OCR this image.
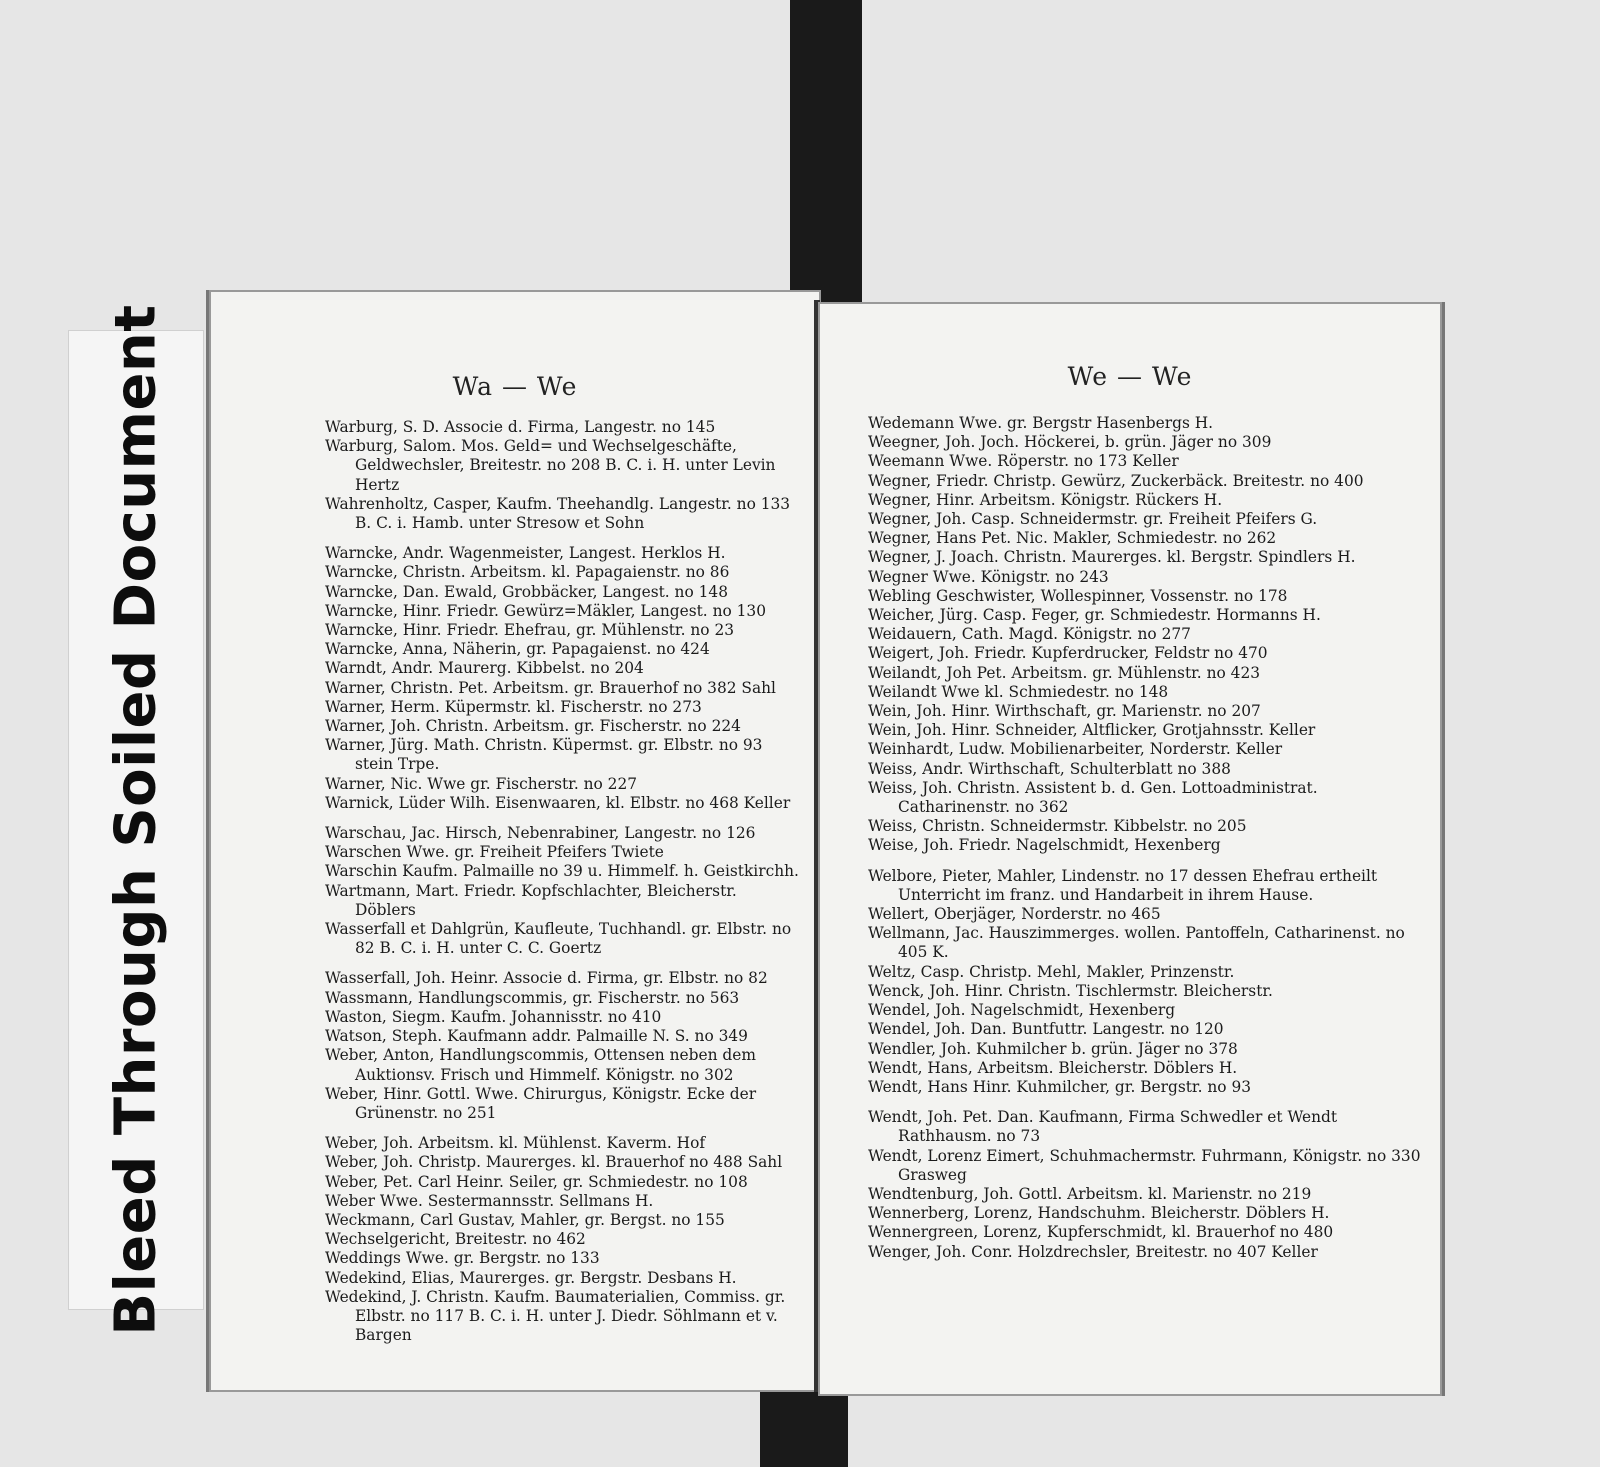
Bleed Through Soiled Document	Wa — We
Warburg, S. D. Associe d. Firma, Langestr. no 145
Warburg, Salom. Mos. Geld= und Wechselgeschäfte, Geldwechsler, Breitestr. no 208 B. C. i. H. unter Levin Hertz
Wahrenholtz, Casper, Kaufm. Theehandlg. Langestr. no 133 B. C. i. Hamb. unter Stresow et Sohn
Warncke, Andr. Wagenmeister, Langest. Herklos H.
Warncke, Christn. Arbeitsm. kl. Papagaienstr. no 86
Warncke, Dan. Ewald, Grobbäcker, Langest. no 148
Warncke, Hinr. Friedr. Gewürz=Mäkler, Langest. no 130
Warncke, Hinr. Friedr. Ehefrau, gr. Mühlenstr. no 23
Warncke, Anna, Näherin, gr. Papagaienst. no 424
Warndt, Andr. Maurerg. Kibbelst. no 204
Warner, Christn. Pet. Arbeitsm. gr. Brauerhof no 382 Sahl
Warner, Herm. Küpermstr. kl. Fischerstr. no 273
Warner, Joh. Christn. Arbeitsm. gr. Fischerstr. no 224
Warner, Jürg. Math. Christn. Küpermst. gr. Elbstr. no 93 stein Trpe.
Warner, Nic. Wwe gr. Fischerstr. no 227
Warnick, Lüder Wilh. Eisenwaaren, kl. Elbstr. no 468 Keller
Warschau, Jac. Hirsch, Nebenrabiner, Langestr. no 126
Warschen Wwe. gr. Freiheit Pfeifers Twiete
Warschin Kaufm. Palmaille no 39 u. Himmelf. h. Geistkirchh.
Wartmann, Mart. Friedr. Kopfschlachter, Bleicherstr. Döblers
Wasserfall et Dahlgrün, Kaufleute, Tuchhandl. gr. Elbstr. no 82 B. C. i. H. unter C. C. Goertz
Wasserfall, Joh. Heinr. Associe d. Firma, gr. Elbstr. no 82
Wassmann, Handlungscommis, gr. Fischerstr. no 563
Waston, Siegm. Kaufm. Johannisstr. no 410
Watson, Steph. Kaufmann addr. Palmaille N. S. no 349
Weber, Anton, Handlungscommis, Ottensen neben dem Auktionsv. Frisch und Himmelf. Königstr. no 302
Weber, Hinr. Gottl. Wwe. Chirurgus, Königstr. Ecke der Grünenstr. no 251
Weber, Joh. Arbeitsm. kl. Mühlenst. Kaverm. Hof
Weber, Joh. Christp. Maurerges. kl. Brauerhof no 488 Sahl
Weber, Pet. Carl Heinr. Seiler, gr. Schmiedestr. no 108
Weber Wwe. Sestermannsstr. Sellmans H.
Weckmann, Carl Gustav, Mahler, gr. Bergst. no 155
Wechselgericht, Breitestr. no 462
Weddings Wwe. gr. Bergstr. no 133
Wedekind, Elias, Maurerges. gr. Bergstr. Desbans H.
Wedekind, J. Christn. Kaufm. Baumaterialien, Commiss. gr. Elbstr. no 117 B. C. i. H. unter J. Diedr. Söhlmann et v. Bargen
We — We
Wedemann Wwe. gr. Bergstr Hasenbergs H.
Weegner, Joh. Joch. Höckerei, b. grün. Jäger no 309
Weemann Wwe. Röperstr. no 173 Keller
Wegner, Friedr. Christp. Gewürz, Zuckerbäck. Breitestr. no 400
Wegner, Hinr. Arbeitsm. Königstr. Rückers H.
Wegner, Joh. Casp. Schneidermstr. gr. Freiheit Pfeifers G.
Wegner, Hans Pet. Nic. Makler, Schmiedestr. no 262
Wegner, J. Joach. Christn. Maurerges. kl. Bergstr. Spindlers H.
Wegner Wwe. Königstr. no 243
Webling Geschwister, Wollespinner, Vossenstr. no 178
Weicher, Jürg. Casp. Feger, gr. Schmiedestr. Hormanns H.
Weidauern, Cath. Magd. Königstr. no 277
Weigert, Joh. Friedr. Kupferdrucker, Feldstr no 470
Weilandt, Joh Pet. Arbeitsm. gr. Mühlenstr. no 423
Weilandt Wwe kl. Schmiedestr. no 148
Wein, Joh. Hinr. Wirthschaft, gr. Marienstr. no 207
Wein, Joh. Hinr. Schneider, Altflicker, Grotjahnsstr. Keller
Weinhardt, Ludw. Mobilienarbeiter, Norderstr. Keller
Weiss, Andr. Wirthschaft, Schulterblatt no 388
Weiss, Joh. Christn. Assistent b. d. Gen. Lottoadministrat. Catharinenstr. no 362
Weiss, Christn. Schneidermstr. Kibbelstr. no 205
Weise, Joh. Friedr. Nagelschmidt, Hexenberg
Welbore, Pieter, Mahler, Lindenstr. no 17 dessen Ehefrau ertheilt Unterricht im franz. und Handarbeit in ihrem Hause.
Wellert, Oberjäger, Norderstr. no 465
Wellmann, Jac. Hauszimmerges. wollen. Pantoffeln, Catharinenst. no 405 K.
Weltz, Casp. Christp. Mehl, Makler, Prinzenstr.
Wenck, Joh. Hinr. Christn. Tischlermstr. Bleicherstr.
Wendel, Joh. Nagelschmidt, Hexenberg
Wendel, Joh. Dan. Buntfuttr. Langestr. no 120
Wendler, Joh. Kuhmilcher b. grün. Jäger no 378
Wendt, Hans, Arbeitsm. Bleicherstr. Döblers H.
Wendt, Hans Hinr. Kuhmilcher, gr. Bergstr. no 93
Wendt, Joh. Pet. Dan. Kaufmann, Firma Schwedler et Wendt Rathhausm. no 73
Wendt, Lorenz Eimert, Schuhmachermstr. Fuhrmann, Königstr. no 330 Grasweg
Wendtenburg, Joh. Gottl. Arbeitsm. kl. Marienstr. no 219
Wennerberg, Lorenz, Handschuhm. Bleicherstr. Döblers H.
Wennergreen, Lorenz, Kupferschmidt, kl. Brauerhof no 480
Wenger, Joh. Conr. Holzdrechsler, Breitestr. no 407 Keller
